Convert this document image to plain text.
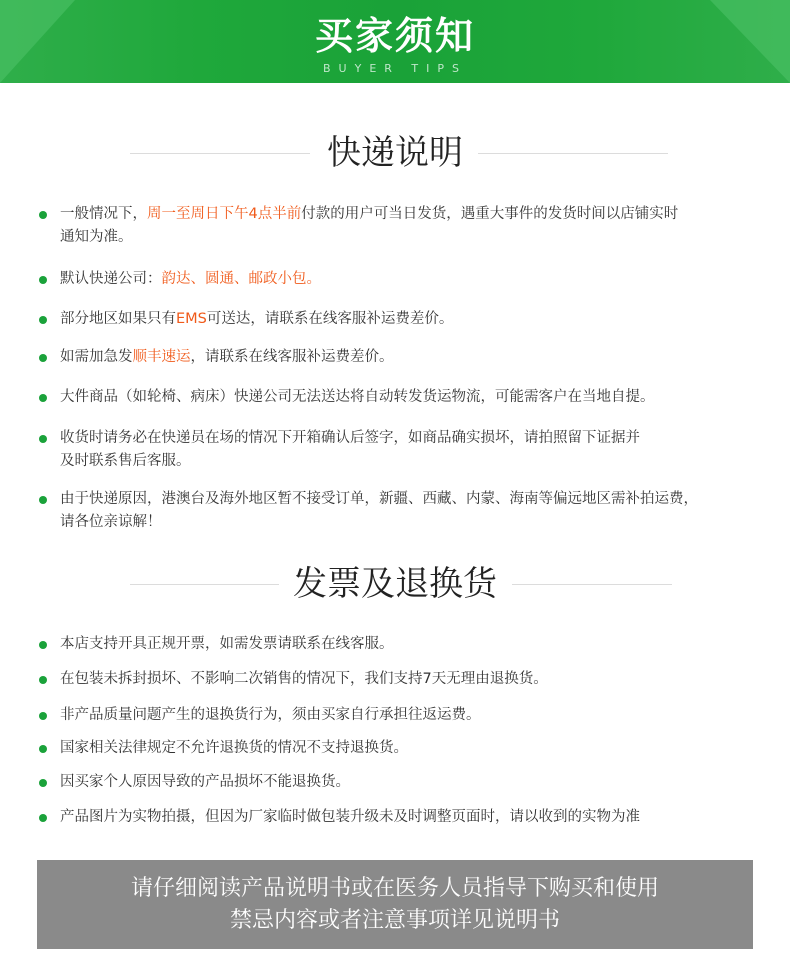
买家须知
BUYER TIPS
快递说明
一般情况下，周一至周日下午4点半前付款的用户可当日发货，遇重大事件的发货时间以店铺实时
通知为准。
默认快递公司：韵达、圆通、邮政小包。
部分地区如果只有EMS可送达，请联系在线客服补运费差价。
如需加急发顺丰速运，请联系在线客服补运费差价。
大件商品（如轮椅、病床）快递公司无法送达将自动转发货运物流，可能需客户在当地自提。
收货时请务必在快递员在场的情况下开箱确认后签字，如商品确实损坏，请拍照留下证据并
及时联系售后客服。
由于快递原因，港澳台及海外地区暂不接受订单，新疆、西藏、内蒙、海南等偏远地区需补拍运费，
请各位亲谅解！
发票及退换货
本店支持开具正规开票，如需发票请联系在线客服。
在包装未拆封损坏、不影响二次销售的情况下，我们支持7天无理由退换货。
非产品质量问题产生的退换货行为，须由买家自行承担往返运费。
国家相关法律规定不允许退换货的情况不支持退换货。
因买家个人原因导致的产品损坏不能退换货。
产品图片为实物拍摄，但因为厂家临时做包装升级未及时调整页面时，请以收到的实物为准
请仔细阅读产品说明书或在医务人员指导下购买和使用
禁忌内容或者注意事项详见说明书
